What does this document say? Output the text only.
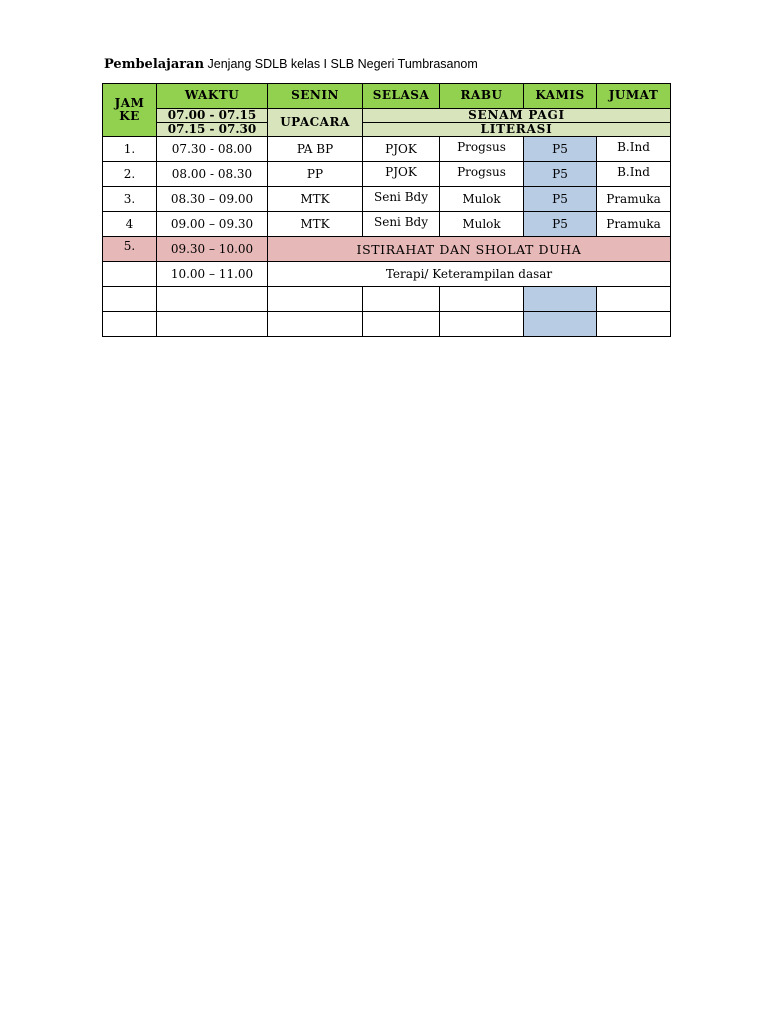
Pembelajaran Jenjang SDLB kelas I SLB Negeri Tumbrasanom
JAM KE	WAKTU	SENIN	SELASA	RABU	KAMIS	JUMAT
	07.00 - 07.15	UPACARA	SENAM PAGI			
	07.15 - 07.30		LITERASI			
1.	07.30 - 08.00	PA BP	PJOK	Progsus	P5	B.Ind
2.	08.00 - 08.30	PP	PJOK	Progsus	P5	B.Ind
3.	08.30 – 09.00	MTK	Seni Bdy	Mulok	P5	Pramuka
4	09.00 – 09.30	MTK	Seni Bdy	Mulok	P5	Pramuka
5.	09.30 – 10.00	ISTIRAHAT DAN SHOLAT DUHA				
	10.00 – 11.00	Terapi/ Keterampilan dasar				
